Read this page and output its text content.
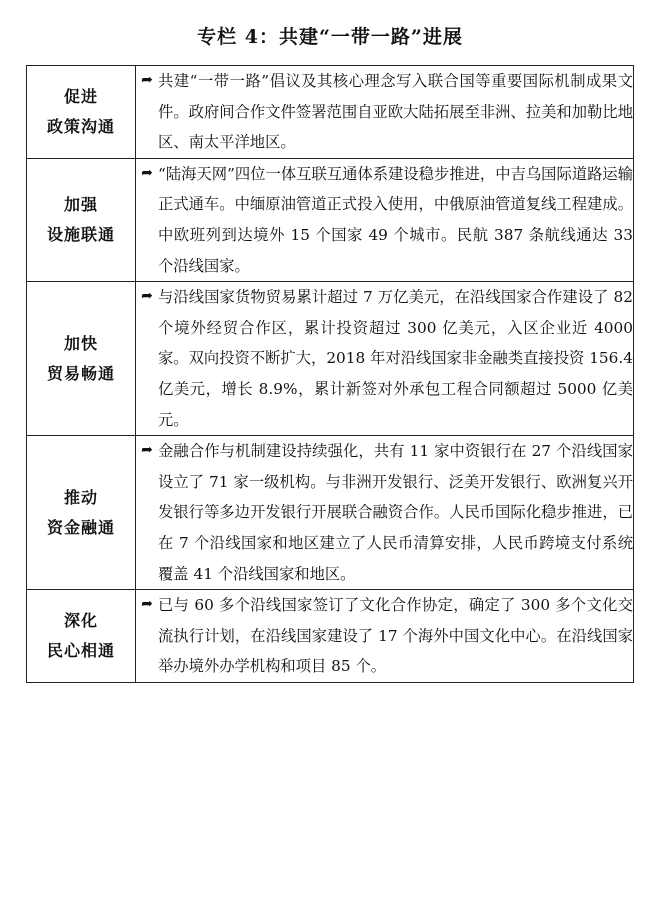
专栏 4：共建“一带一路”进展
促进
政策沟通	➦ 共建“一带一路”倡议及其核心理念写入联合国等重要国际机制成果文件。政府间合作文件签署范围自亚欧大陆拓展至非洲、拉美和加勒比地区、南太平洋地区。

加强
设施联通	➦ “陆海天网”四位一体互联互通体系建设稳步推进，中吉乌国际道路运输正式通车。中缅原油管道正式投入使用，中俄原油管道复线工程建成。中欧班列到达境外 15 个国家 49 个城市。民航 387 条航线通达 33 个沿线国家。

加快
贸易畅通	➦ 与沿线国家货物贸易累计超过 7 万亿美元，在沿线国家合作建设了 82 个境外经贸合作区，累计投资超过 300 亿美元，入区企业近 4000 家。双向投资不断扩大，2018 年对沿线国家非金融类直接投资 156.4 亿美元，增长 8.9%，累计新签对外承包工程合同额超过 5000 亿美元。

推动
资金融通	➦ 金融合作与机制建设持续强化，共有 11 家中资银行在 27 个沿线国家设立了 71 家一级机构。与非洲开发银行、泛美开发银行、欧洲复兴开发银行等多边开发银行开展联合融资合作。人民币国际化稳步推进，已在 7 个沿线国家和地区建立了人民币清算安排，人民币跨境支付系统覆盖 41 个沿线国家和地区。

深化
民心相通	➦ 已与 60 多个沿线国家签订了文化合作协定，确定了 300 多个文化交流执行计划，在沿线国家建设了 17 个海外中国文化中心。在沿线国家举办境外办学机构和项目 85 个。
